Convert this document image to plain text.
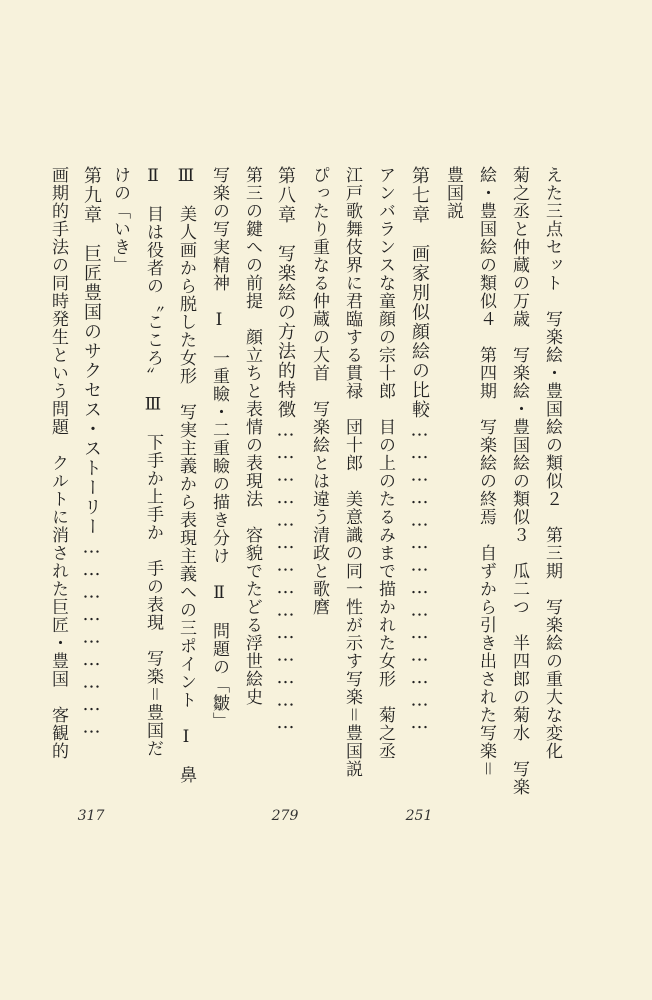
えた三点セット　写楽絵・豊国絵の類似２　第三期　写楽絵の重大な変化
菊之丞と仲蔵の万歳　写楽絵・豊国絵の類似３　瓜二つ　半四郎の菊水　写楽
絵・豊国絵の類似４　第四期　写楽絵の終焉　自ずから引き出された写楽＝
豊国説
第七章　画家別似顔絵の比較……………………………………
アンバランスな童顔の宗十郎　目の上のたるみまで描かれた女形　菊之丞
江戸歌舞伎界に君臨する貫禄　団十郎　美意識の同一性が示す写楽＝豊国説
ぴったり重なる仲蔵の大首　写楽絵とは違う清政と歌麿
第八章　写楽絵の方法的特徴……………………………………
第三の鍵への前提　顔立ちと表情の表現法　容貌でたどる浮世絵史
写楽の写実精神　Ⅰ　一重瞼・二重瞼の描き分け　Ⅱ　問題の「皺」
Ⅲ　美人画から脱した女形　写実主義から表現主義への三ポイント　Ⅰ　鼻
Ⅱ　目は役者の〝こころ〟　Ⅲ　下手か上手か　手の表現　写楽＝豊国だ
けの「いき」
第九章　巨匠豊国のサクセス・ストーリー………………………
画期的手法の同時発生という問題　クルトに消された巨匠・豊国　客観的
251
279
317
